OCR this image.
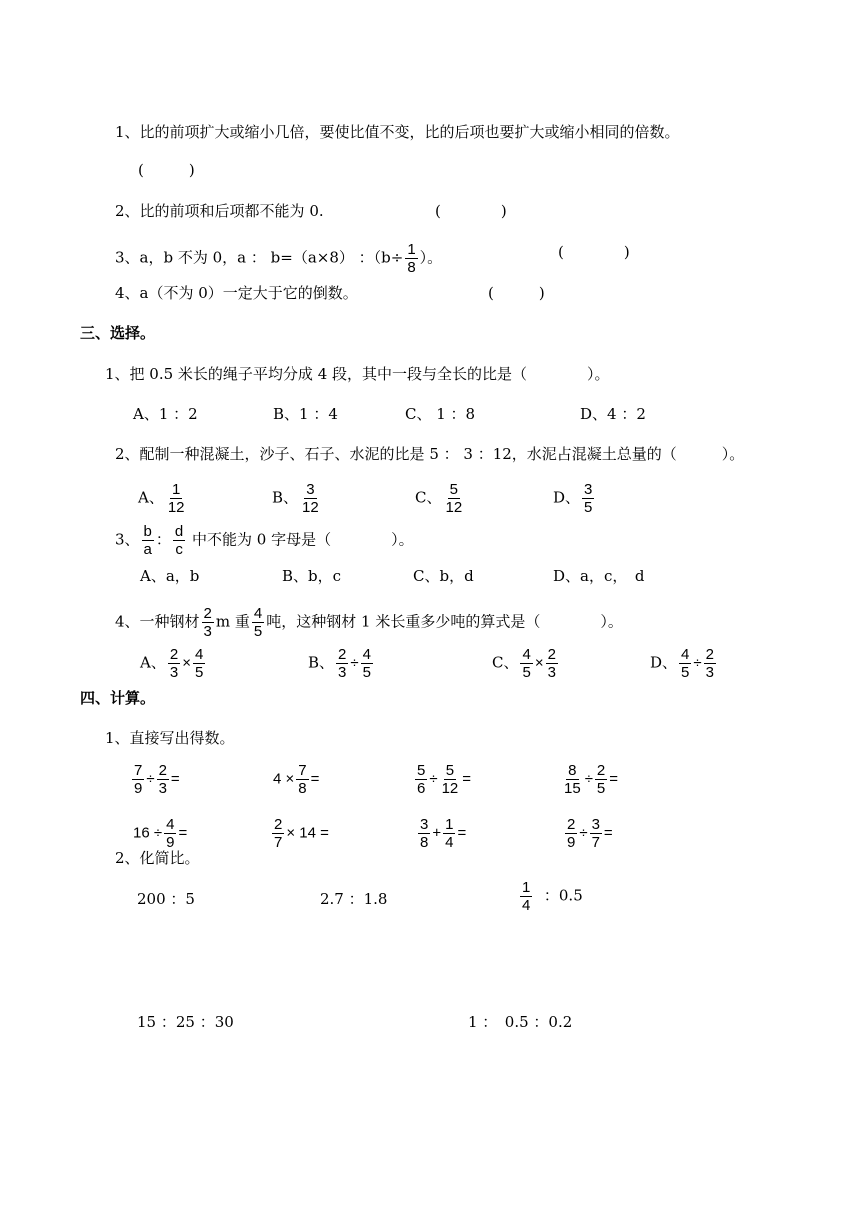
1、比的前项扩大或缩小几倍，要使比值不变，比的后项也要扩大或缩小相同的倍数。
(　　　)
2、比的前项和后项都不能为 0.	(　　　　)
3、a，b 不为 0，a ： b=（a×8） ：（$b\div \frac{1}{8}$ ）。	(　　　　)
4、a（不为 0）一定大于它的倒数。	(　　　)
三、选择。
1、把 0.5 米长的绳子平均分成 4 段，其中一段与全长的比是（　　　　）。
A、1 ：2	B、1 ：4	C、 1 ：8	D、4 ：2
2、配制一种混凝土，沙子、石子、水泥的比是 5 ： 3 ：12，水泥占混凝土总量的（　　　）。
A、 $\frac{1}{12}$	B、 $\frac{3}{12}$	C、 $\frac{5}{12}$	D、 $\frac{3}{5}$
3、 $\frac{b}{a}$ ： $\frac{d}{c}$ 中不能为 0 字母是（　　　　）。
A、a，b	B、b，c	C、b，d	D、a，c，　d
4、一种钢材 $\frac{2}{3}$ m 重 $\frac{4}{5}$ 吨，这种钢材 1 米长重多少吨的算式是（　　　　）。
A、 $\frac{2}{3} \times \frac{4}{5}$	B、 $\frac{2}{3} \div \frac{4}{5}$	C、 $\frac{4}{5} \times \frac{2}{3}$	D、 $\frac{4}{5} \div \frac{2}{3}$
四、计算。
1、直接写出得数。
$\frac{7}{9} \div \frac{2}{3}$ =	$4 \times \frac{7}{8}$ =	$\frac{5}{6} \div \frac{5}{12}$ =	$\frac{8}{15} \div \frac{2}{5}$ =
$16 \div \frac{4}{9}$ =	$\frac{2}{7} \times 14$ =	$\frac{3}{8} + \frac{1}{4}$ =	$\frac{2}{9} \div \frac{3}{7}$ =
2、化简比。
200 ：5	2.7 ：1.8	$\frac{1}{4}$ ：0.5
15 ：25 ：30	1 ：　0.5 ：0.2
